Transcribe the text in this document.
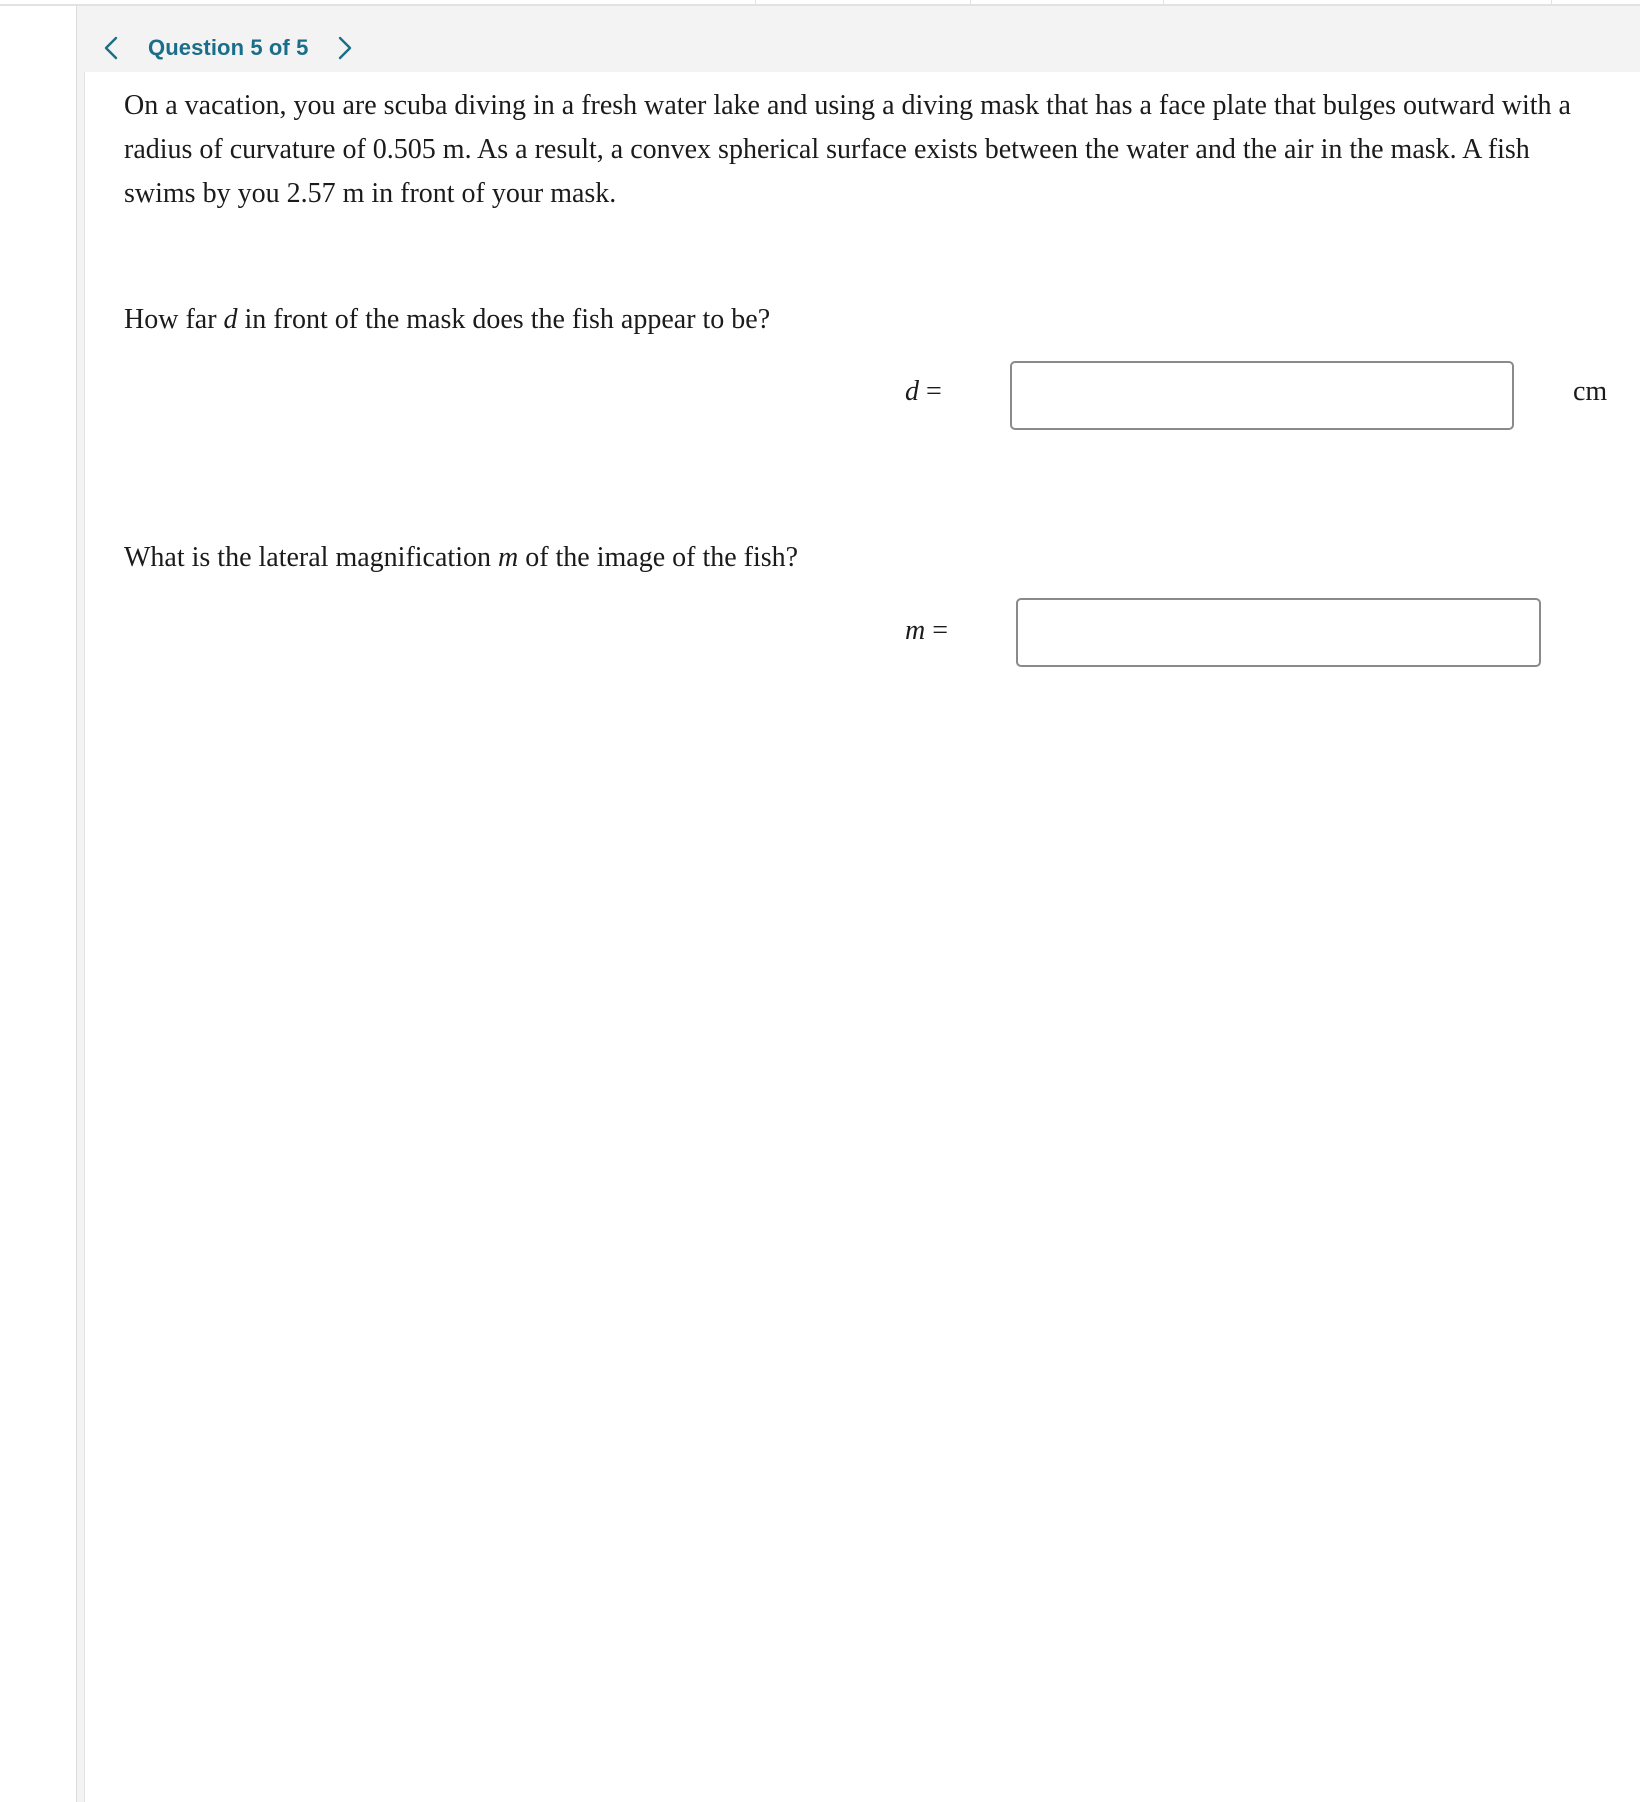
Question 5 of 5

On a vacation, you are scuba diving in a fresh water lake and using a diving mask that has a face plate that bulges outward with a radius of curvature of 0.505 m. As a result, a convex spherical surface exists between the water and the air in the mask. A fish swims by you 2.57 m in front of your mask.

How far d in front of the mask does the fish appear to be?

d =	cm

What is the lateral magnification m of the image of the fish?

m =
